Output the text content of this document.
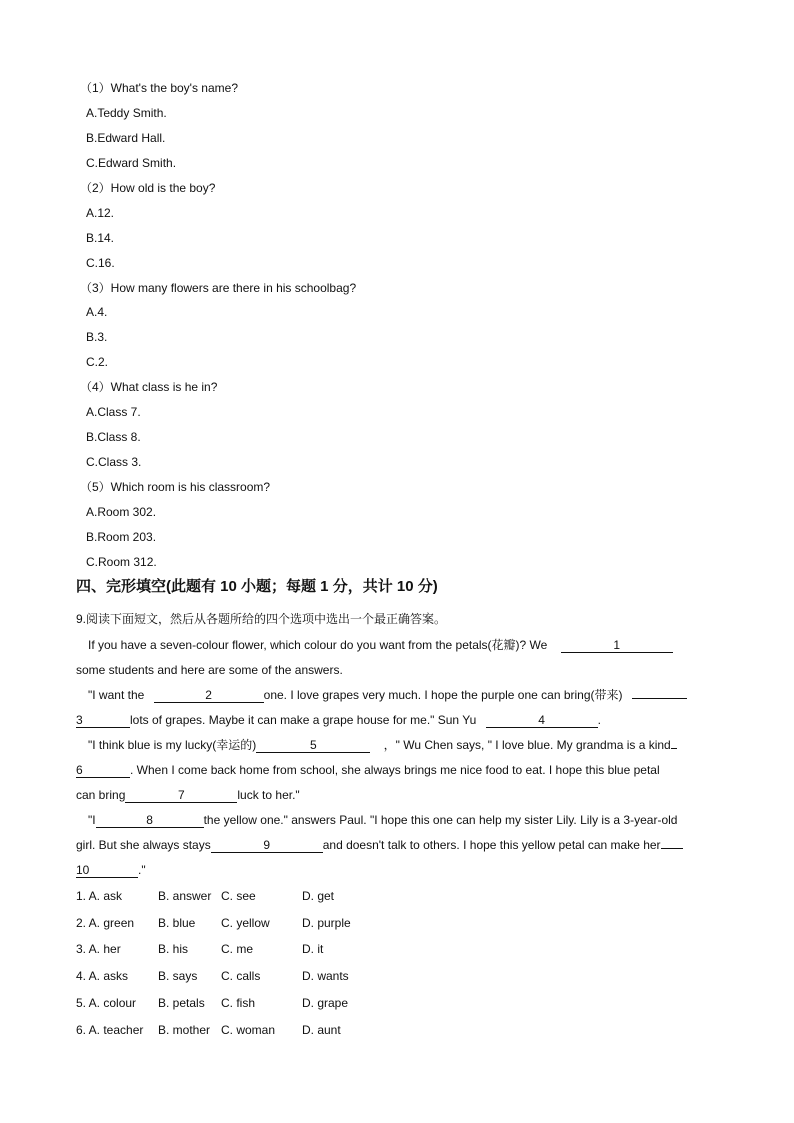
（1）What's the boy's name?
A.Teddy Smith.
B.Edward Hall.
C.Edward Smith.
（2）How old is the boy?
A.12.
B.14.
C.16.
（3）How many flowers are there in his schoolbag?
A.4.
B.3.
C.2.
（4）What class is he in?
A.Class 7.
B.Class 8.
C.Class 3.
（5）Which room is his classroom?
A.Room 302.
B.Room 203.
C.Room 312.
四、完形填空(此题有 10 小题；每题 1 分，共计 10 分)
9.阅读下面短文，然后从各题所给的四个选项中选出一个最正确答案。
If you have a seven-colour flower, which colour do you want from the petals(花瓣)? We	1
some students and here are some of the answers.
"I want the	2	one. I love grapes very much. I hope the purple one can bring(带来)
3	lots of grapes. Maybe it can make a grape house for me." Sun Yu	4	.
"I think blue is my lucky(幸运的)	5	，" Wu Chen says, " I love blue. My grandma is a kind
6	. When I come back home from school, she always brings me nice food to eat. I hope this blue petal
can bring	7	luck to her."
"I	8	the yellow one." answers Paul. "I hope this one can help my sister Lily. Lily is a 3-year-old
girl. But she always stays	9	and doesn't talk to others. I hope this yellow petal can make her
10	."
1. A. ask	B. answer C. see	D. get
2. A. green B. blue C. yellow	D. purple
3. A. her	B. his	C. me	D. it
4. A. asks B. says C. calls	D. wants
5. A. colour B. petals C. fish	D. grape
6. A. teacher B. mother C. woman D. aunt
